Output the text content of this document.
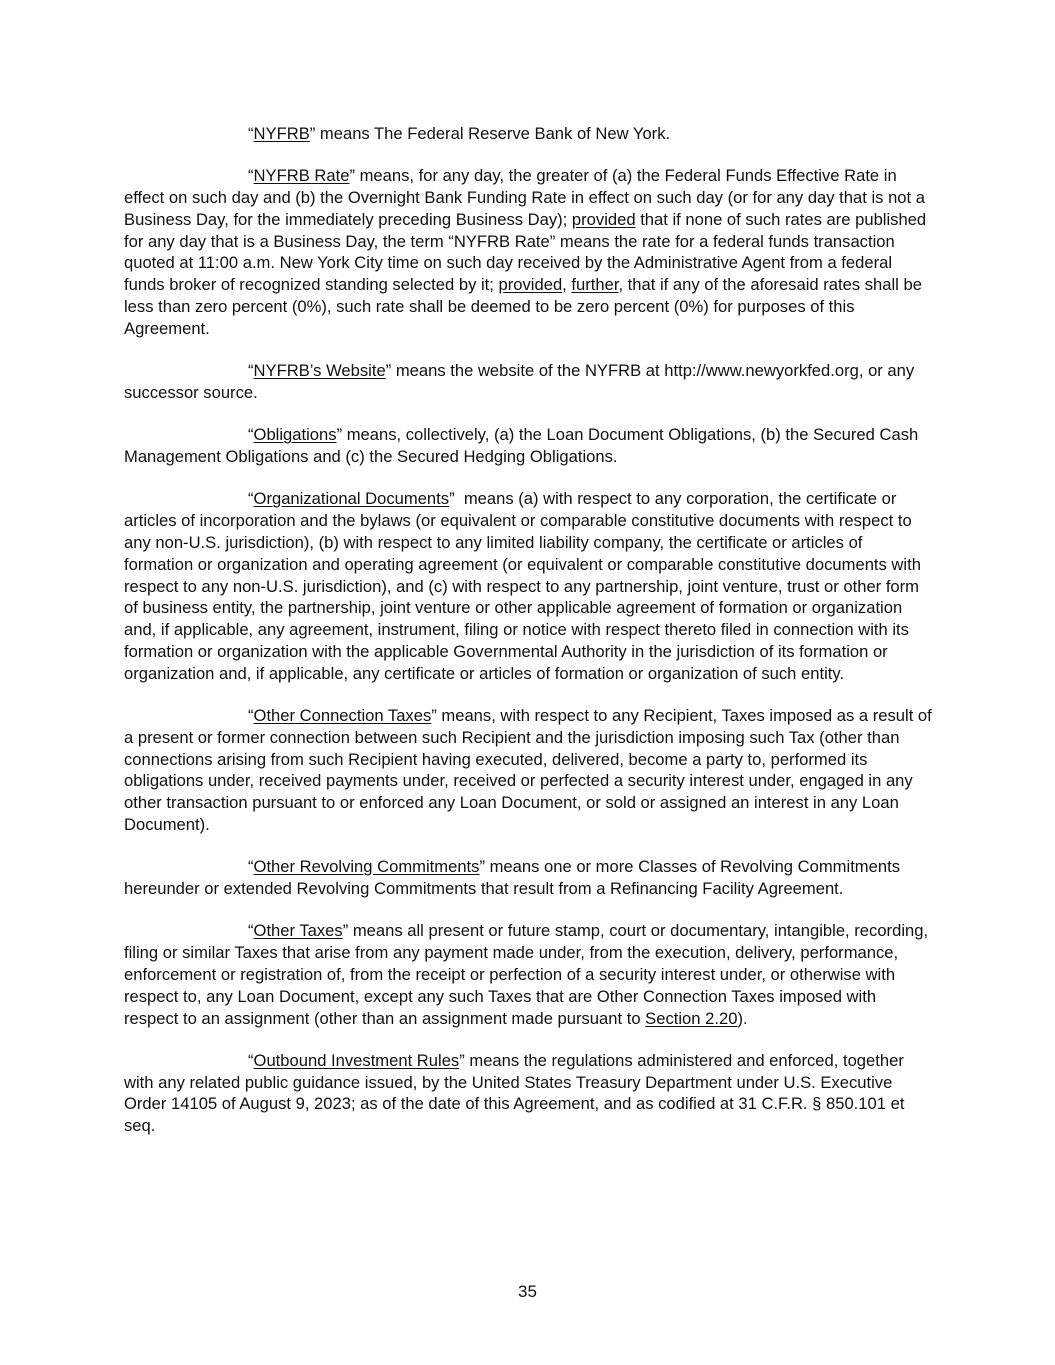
“NYFRB” means The Federal Reserve Bank of New York.

“NYFRB Rate” means, for any day, the greater of (a) the Federal Funds Effective Rate in effect on such day and (b) the Overnight Bank Funding Rate in effect on such day (or for any day that is not a Business Day, for the immediately preceding Business Day); provided that if none of such rates are published for any day that is a Business Day, the term “NYFRB Rate” means the rate for a federal funds transaction quoted at 11:00 a.m. New York City time on such day received by the Administrative Agent from a federal funds broker of recognized standing selected by it; provided, further, that if any of the aforesaid rates shall be less than zero percent (0%), such rate shall be deemed to be zero percent (0%) for purposes of this Agreement.

“NYFRB’s Website” means the website of the NYFRB at http://www.newyorkfed.org, or any successor source.

“Obligations” means, collectively, (a) the Loan Document Obligations, (b) the Secured Cash Management Obligations and (c) the Secured Hedging Obligations.

“Organizational Documents”  means (a) with respect to any corporation, the certificate or articles of incorporation and the bylaws (or equivalent or comparable constitutive documents with respect to any non-U.S. jurisdiction), (b) with respect to any limited liability company, the certificate or articles of formation or organization and operating agreement (or equivalent or comparable constitutive documents with respect to any non-U.S. jurisdiction), and (c) with respect to any partnership, joint venture, trust or other form of business entity, the partnership, joint venture or other applicable agreement of formation or organization and, if applicable, any agreement, instrument, filing or notice with respect thereto filed in connection with its formation or organization with the applicable Governmental Authority in the jurisdiction of its formation or organization and, if applicable, any certificate or articles of formation or organization of such entity.

“Other Connection Taxes” means, with respect to any Recipient, Taxes imposed as a result of a present or former connection between such Recipient and the jurisdiction imposing such Tax (other than connections arising from such Recipient having executed, delivered, become a party to, performed its obligations under, received payments under, received or perfected a security interest under, engaged in any other transaction pursuant to or enforced any Loan Document, or sold or assigned an interest in any Loan Document).

“Other Revolving Commitments” means one or more Classes of Revolving Commitments hereunder or extended Revolving Commitments that result from a Refinancing Facility Agreement.

“Other Taxes” means all present or future stamp, court or documentary, intangible, recording, filing or similar Taxes that arise from any payment made under, from the execution, delivery, performance, enforcement or registration of, from the receipt or perfection of a security interest under, or otherwise with respect to, any Loan Document, except any such Taxes that are Other Connection Taxes imposed with respect to an assignment (other than an assignment made pursuant to Section 2.20).

“Outbound Investment Rules” means the regulations administered and enforced, together with any related public guidance issued, by the United States Treasury Department under U.S. Executive Order 14105 of August 9, 2023; as of the date of this Agreement, and as codified at 31 C.F.R. § 850.101 et seq.

35
